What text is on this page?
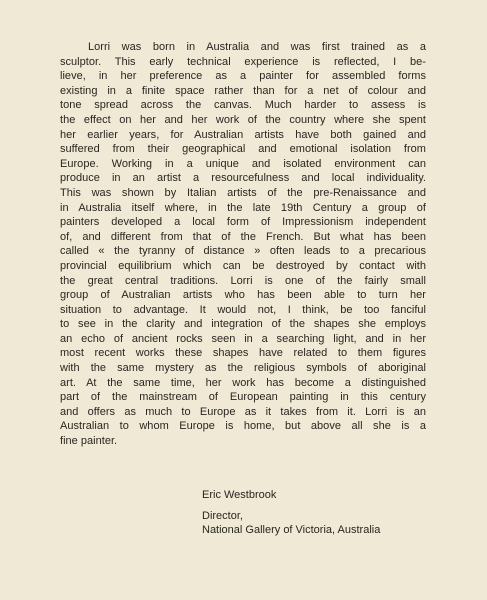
Lorri was born in Australia and was first trained as a
sculptor. This early technical experience is reflected, I be-
lieve, in her preference as a painter for assembled forms
existing in a finite space rather than for a net of colour and
tone spread across the canvas. Much harder to assess is
the effect on her and her work of the country where she spent
her earlier years, for Australian artists have both gained and
suffered from their geographical and emotional isolation from
Europe. Working in a unique and isolated environment can
produce in an artist a resourcefulness and local individuality.
This was shown by Italian artists of the pre-Renaissance and
in Australia itself where, in the late 19th Century a group of
painters developed a local form of Impressionism independent
of, and different from that of the French. But what has been
called « the tyranny of distance » often leads to a precarious
provincial equilibrium which can be destroyed by contact with
the great central traditions. Lorri is one of the fairly small
group of Australian artists who has been able to turn her
situation to advantage. It would not, I think, be too fanciful
to see in the clarity and integration of the shapes she employs
an echo of ancient rocks seen in a searching light, and in her
most recent works these shapes have related to them figures
with the same mystery as the religious symbols of aboriginal
art. At the same time, her work has become a distinguished
part of the mainstream of European painting in this century
and offers as much to Europe as it takes from it. Lorri is an
Australian to whom Europe is home, but above all she is a
fine painter.
Eric Westbrook
Director,
National Gallery of Victoria, Australia
